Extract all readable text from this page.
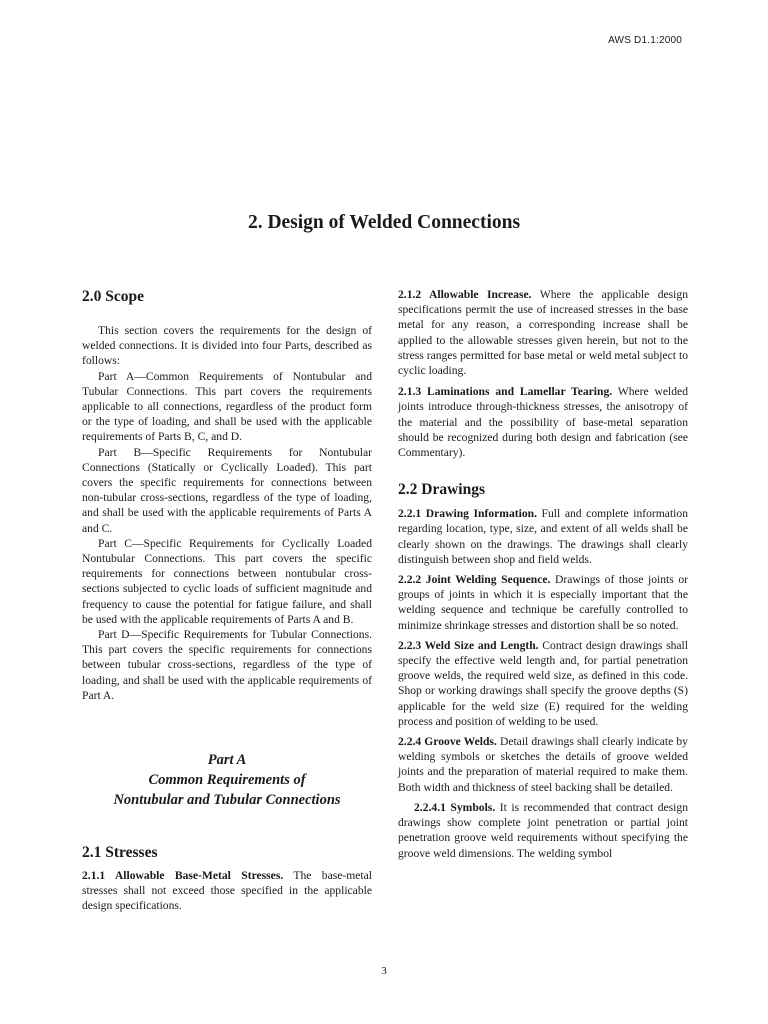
AWS D1.1:2000
2. Design of Welded Connections
2.0 Scope

This section covers the requirements for the design of welded connections. It is divided into four Parts, described as follows:

Part A—Common Requirements of Nontubular and Tubular Connections. This part covers the requirements applicable to all connections, regardless of the product form or the type of loading, and shall be used with the applicable requirements of Parts B, C, and D.

Part B—Specific Requirements for Nontubular Connections (Statically or Cyclically Loaded). This part covers the specific requirements for connections between non-tubular cross-sections, regardless of the type of loading, and shall be used with the applicable requirements of Parts A and C.

Part C—Specific Requirements for Cyclically Loaded Nontubular Connections. This part covers the specific requirements for connections between nontubular cross-sections subjected to cyclic loads of sufficient magnitude and frequency to cause the potential for fatigue failure, and shall be used with the applicable requirements of Parts A and B.

Part D—Specific Requirements for Tubular Connections. This part covers the specific requirements for connections between tubular cross-sections, regardless of the type of loading, and shall be used with the applicable requirements of Part A.

Part A
Common Requirements of
Nontubular and Tubular Connections
2.1 Stresses

2.1.1 Allowable Base-Metal Stresses. The base-metal stresses shall not exceed those specified in the applicable design specifications.

2.1.2 Allowable Increase. Where the applicable design specifications permit the use of increased stresses in the base metal for any reason, a corresponding increase shall be applied to the allowable stresses given herein, but not to the stress ranges permitted for base metal or weld metal subject to cyclic loading.

2.1.3 Laminations and Lamellar Tearing. Where welded joints introduce through-thickness stresses, the anisotropy of the material and the possibility of base-metal separation should be recognized during both design and fabrication (see Commentary).

2.2 Drawings

2.2.1 Drawing Information. Full and complete information regarding location, type, size, and extent of all welds shall be clearly shown on the drawings. The drawings shall clearly distinguish between shop and field welds.

2.2.2 Joint Welding Sequence. Drawings of those joints or groups of joints in which it is especially important that the welding sequence and technique be carefully controlled to minimize shrinkage stresses and distortion shall be so noted.

2.2.3 Weld Size and Length. Contract design drawings shall specify the effective weld length and, for partial penetration groove welds, the required weld size, as defined in this code. Shop or working drawings shall specify the groove depths (S) applicable for the weld size (E) required for the welding process and position of welding to be used.

2.2.4 Groove Welds. Detail drawings shall clearly indicate by welding symbols or sketches the details of groove welded joints and the preparation of material required to make them. Both width and thickness of steel backing shall be detailed.

2.2.4.1 Symbols. It is recommended that contract design drawings show complete joint penetration or partial joint penetration groove weld requirements without specifying the groove weld dimensions. The welding symbol

3
